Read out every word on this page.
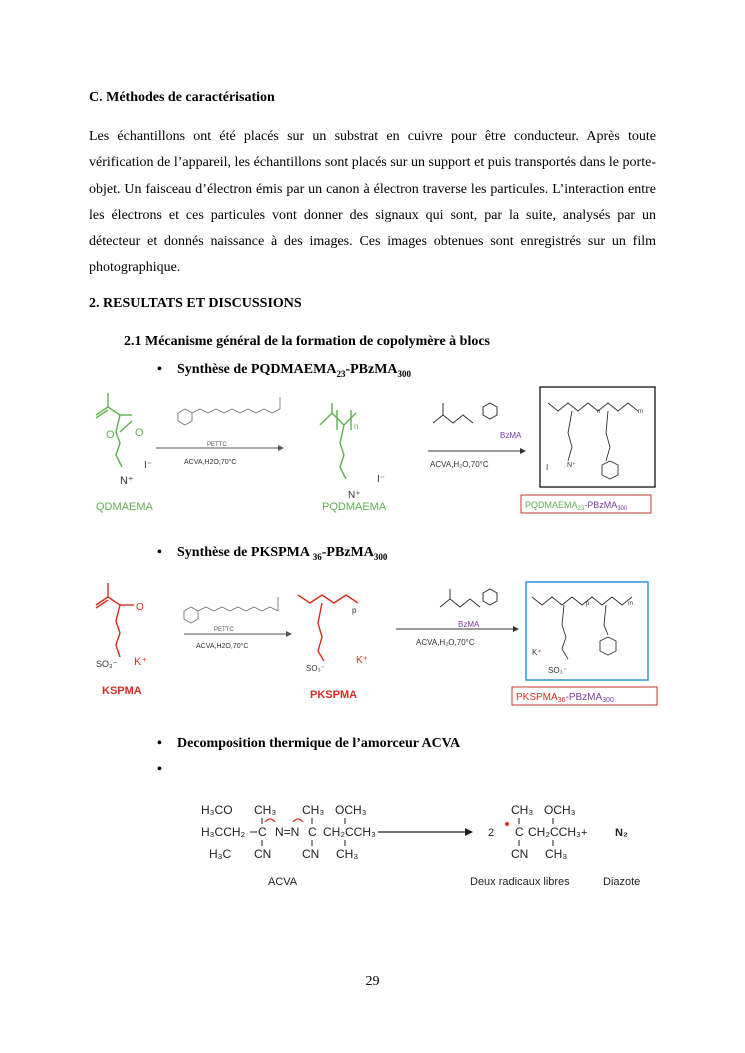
C. Méthodes de caractérisation
Les échantillons ont été placés sur un substrat en cuivre pour être conducteur. Après toute vérification de l’appareil, les échantillons sont placés sur un support et puis transportés dans le porte-objet. Un faisceau d’électron émis par un canon à électron traverse les particules. L’interaction entre les électrons et ces particules vont donner des signaux qui sont, par la suite, analysés par un détecteur et donnés naissance à des images. Ces images obtenues sont enregistrés sur un film photographique.
2. RESULTATS ET DISCUSSIONS
2.1 Mécanisme général de la formation de copolymère à blocs
• Synthèse de $PQDMAEMA_{23}-PBzMA_{300}$
O
O
N⁺
I⁻
QDMAEMA
PETTC
ACVA,H2O,70°C
n
N⁺
I⁻
PQDMAEMA
BzMA
ACVA,H₂O,70°C
n	m
I	N⁺
$PQDMAEMA_{23}-PBzMA_{300}$
• Synthèse de PKSPMA $_{36}$-PBzMA$_{300}$
O
SO₃⁻ K⁺
KSPMA
PETTC
ACVA,H2O,70°C
p
SO₃⁻
K⁺
PKSPMA
BzMA
ACVA,H₂O,70°C
p	m
K⁺
SO₃⁻
$PKSPMA_{36}-PBzMA_{300}$
• Decomposition thermique de l’amorceur ACVA
•
H₃CO
H₃CCH₂
H₃C
CH₃
C
CN
N=N
CH₃
C
CN
OCH₃
CH₂CCH₃
CH₃
ACVA
2
CH₃
C
CN
OCH₃
CH₂CCH₃
CH₃
+	N₂
Deux radicaux libres	Diazote
29
